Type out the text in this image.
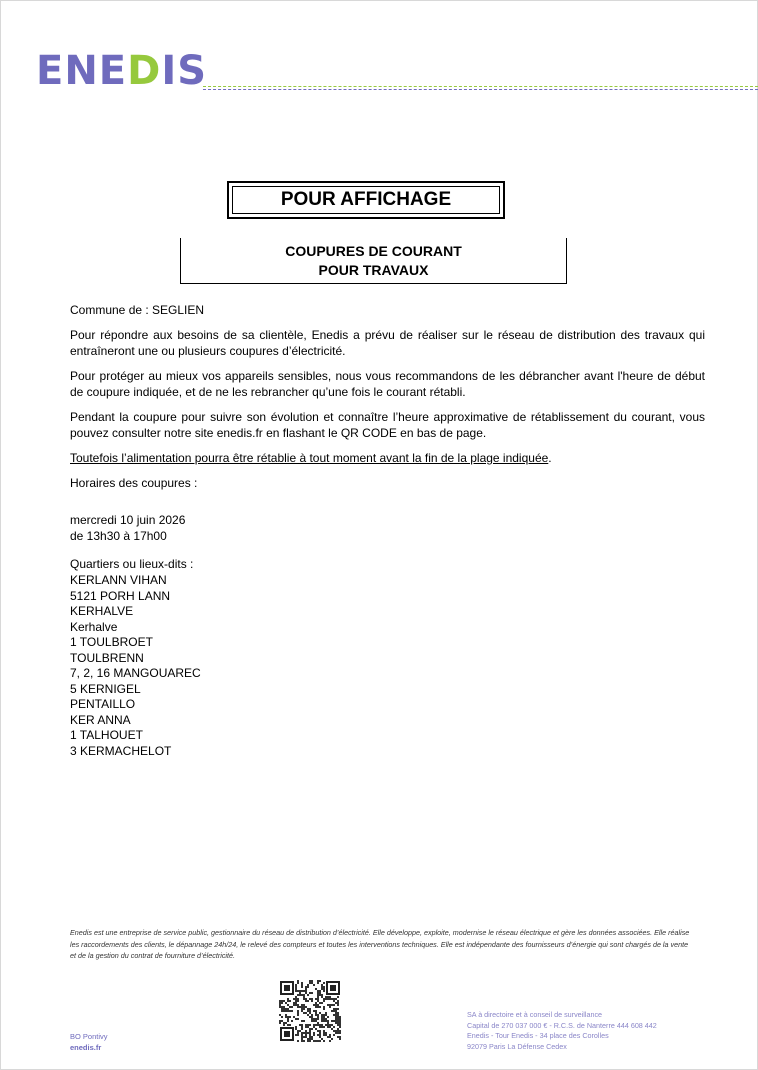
ENEDIS
POUR AFFICHAGE
COUPURES DE COURANT
POUR TRAVAUX

Commune de : SEGLIEN

Pour répondre aux besoins de sa clientèle, Enedis a prévu de réaliser sur le réseau de distribution des travaux qui entraîneront une ou plusieurs coupures d’électricité.

Pour protéger au mieux vos appareils sensibles, nous vous recommandons de les débrancher avant l'heure de début de coupure indiquée, et de ne les rebrancher qu’une fois le courant rétabli.

Pendant la coupure pour suivre son évolution et connaître l’heure approximative de rétablissement du courant, vous pouvez consulter notre site enedis.fr en flashant le QR CODE en bas de page.

Toutefois l’alimentation pourra être rétablie à tout moment avant la fin de la plage indiquée.

Horaires des coupures :

mercredi 10 juin 2026
de 13h30 à 17h00
Quartiers ou lieux-dits :
KERLANN VIHAN
5121 PORH LANN
KERHALVE
Kerhalve
1 TOULBROET
TOULBRENN
7, 2, 16 MANGOUAREC
5 KERNIGEL
PENTAILLO
KER ANNA
1 TALHOUET
3 KERMACHELOT
Enedis est une entreprise de service public, gestionnaire du réseau de distribution d’électricité. Elle développe, exploite, modernise le réseau électrique et gère les données associées. Elle réalise les raccordements des clients, le dépannage 24h/24, le relevé des compteurs et toutes les interventions techniques. Elle est indépendante des fournisseurs d’énergie qui sont chargés de la vente et de la gestion du contrat de fourniture d’électricité.
BO Pontivy
enedis.fr
SA à directoire et à conseil de surveillance
Capital de 270 037 000 € - R.C.S. de Nanterre 444 608 442
Enedis - Tour Enedis - 34 place des Corolles
92079 Paris La Défense Cedex
